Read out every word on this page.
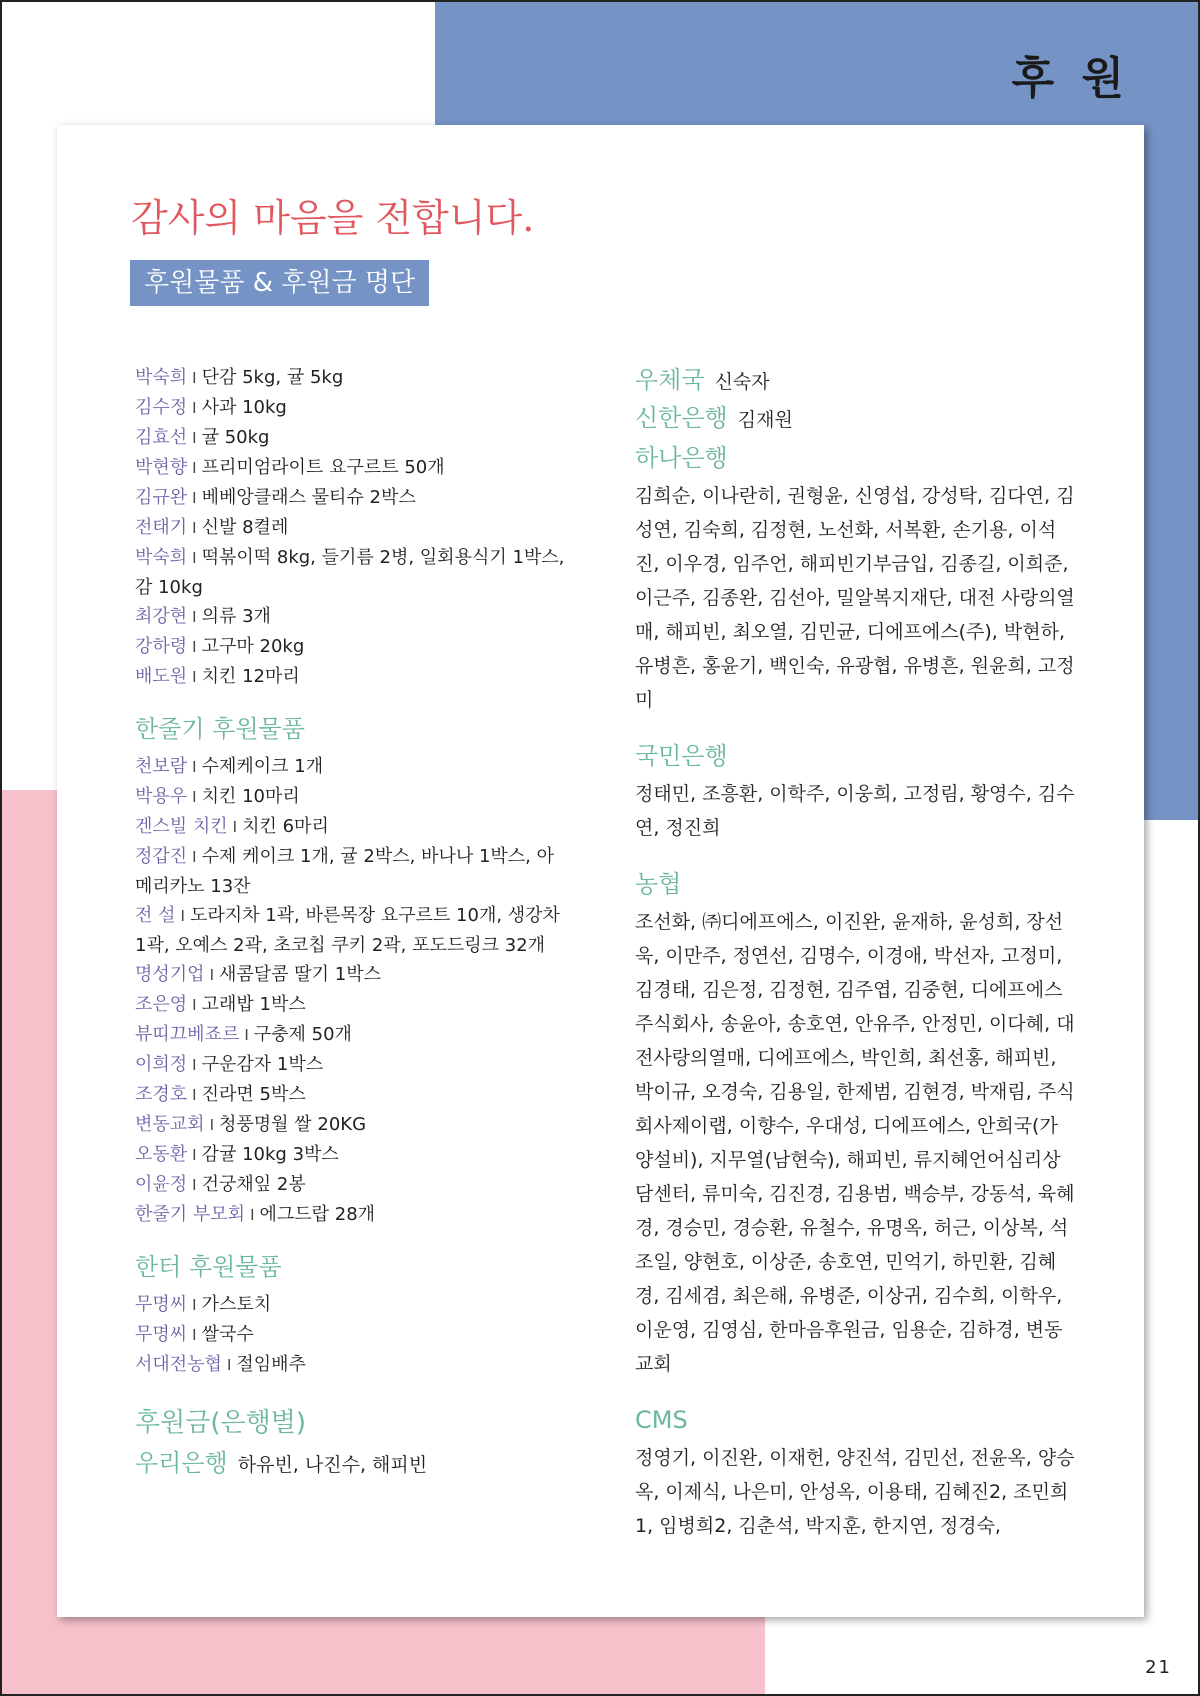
후 원
감사의 마음을 전합니다.
후원물품 & 후원금 명단
박숙희 I 단감 5kg, 귤 5kg
김수정 I 사과 10kg
김효선 I 귤 50kg
박현향 I 프리미엄라이트 요구르트 50개
김규완 I 베베앙클래스 물티슈 2박스
전태기 I 신발 8켤레
박숙희 I 떡볶이떡 8kg, 들기름 2병, 일회용식기 1박스, 감 10kg
최강현 I 의류 3개
강하령 I 고구마 20kg
배도원 I 치킨 12마리
한줄기 후원물품
천보람 I 수제케이크 1개
박용우 I 치킨 10마리
겐스빌 치킨 I 치킨 6마리
정갑진 I 수제 케이크 1개, 귤 2박스, 바나나 1박스, 아메리카노 13잔
전 설 I 도라지차 1곽, 바른목장 요구르트 10개, 생강차 1곽, 오예스 2곽, 초코칩 쿠키 2곽, 포도드링크 32개
명성기업 I 새콤달콤 딸기 1박스
조은영 I 고래밥 1박스
뷰띠끄베죠르 I 구충제 50개
이희정 I 구운감자 1박스
조경호 I 진라면 5박스
변동교회 I 청풍명월 쌀 20KG
오동환 I 감귤 10kg 3박스
이윤정 I 건궁채잎 2봉
한줄기 부모회 I 에그드랍 28개
한터 후원물품
무명씨 I 가스토치
무명씨 I 쌀국수
서대전농협 I 절임배추
후원금(은행별)
우리은행 하유빈, 나진수, 해피빈
우체국 신숙자
신한은행 김재원
하나은행
김희순, 이나란히, 권형윤, 신영섭, 강성탁, 김다연, 김성연, 김숙희, 김정현, 노선화, 서복환, 손기용, 이석진, 이우경, 임주언, 해피빈기부금입, 김종길, 이희준, 이근주, 김종완, 김선아, 밀알복지재단, 대전 사랑의열매, 해피빈, 최오열, 김민균, 디에프에스(주), 박현하, 유병흔, 홍윤기, 백인숙, 유광협, 유병흔, 원윤희, 고정미
국민은행
정태민, 조흥환, 이학주, 이웅희, 고정림, 황영수, 김수연, 정진희
농협
조선화, ㈜디에프에스, 이진완, 윤재하, 윤성희, 장선욱, 이만주, 정연선, 김명수, 이경애, 박선자, 고정미, 김경태, 김은정, 김정현, 김주엽, 김중현, 디에프에스 주식회사, 송윤아, 송호연, 안유주, 안정민, 이다혜, 대전사랑의열매, 디에프에스, 박인희, 최선홍, 해피빈, 박이규, 오경숙, 김용일, 한제범, 김현경, 박재림, 주식회사제이랩, 이향수, 우대성, 디에프에스, 안희국(가양설비), 지무열(남현숙), 해피빈, 류지혜언어심리상담센터, 류미숙, 김진경, 김용범, 백승부, 강동석, 육혜경, 경승민, 경승환, 유철수, 유명옥, 허근, 이상복, 석조일, 양현호, 이상준, 송호연, 민억기, 하민환, 김혜경, 김세겸, 최은해, 유병준, 이상귀, 김수희, 이학우, 이운영, 김영심, 한마음후원금, 임용순, 김하경, 변동교회
CMS
정영기, 이진완, 이재헌, 양진석, 김민선, 전윤옥, 양승옥, 이제식, 나은미, 안성옥, 이용태, 김혜진2, 조민희1, 임병희2, 김춘석, 박지훈, 한지연, 정경숙,
21
